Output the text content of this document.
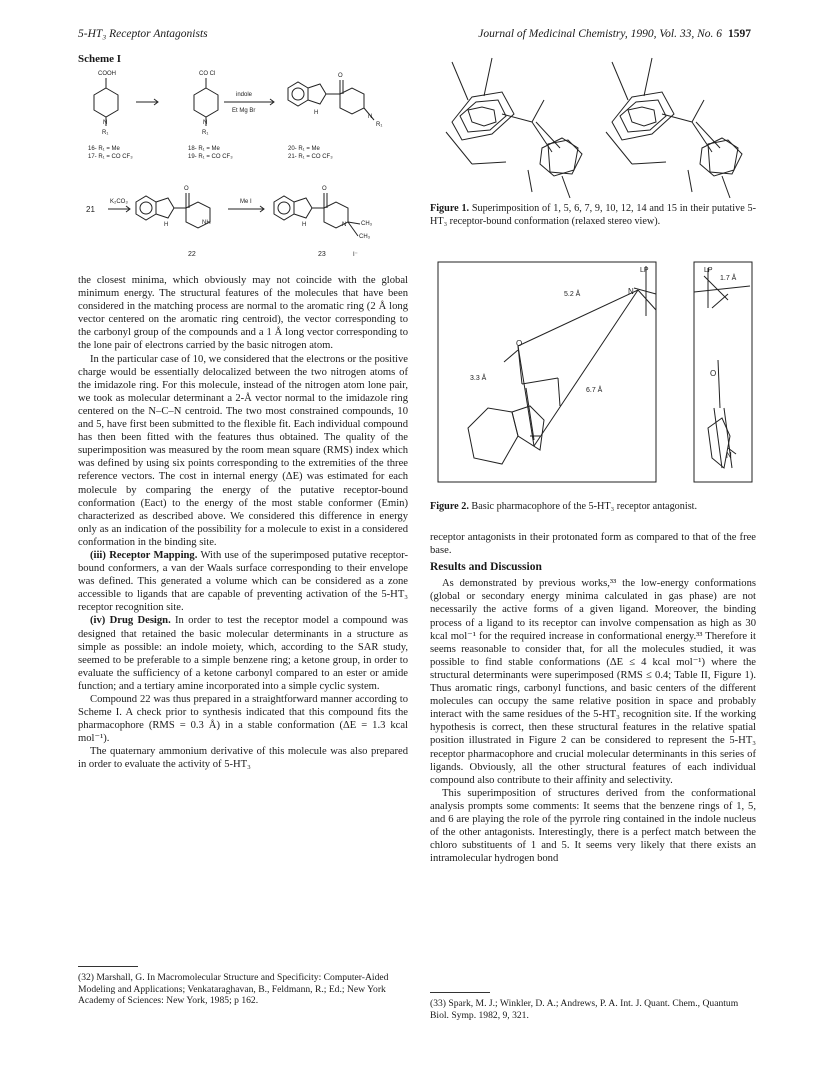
5-HT₃ Receptor Antagonists	Journal of Medicinal Chemistry, 1990, Vol. 33, No. 6 1597
Scheme I
COOH	CO Cl
indole
Et Mg Br
N
R₁
N
R₁
O
H
N
R₁
16- R₁ = Me
17- R₁ = CO CF₃
18- R₁ = Me
19- R₁ = CO CF₃
20- R₁ = Me
21- R₁ = CO CF₃
21
K₂CO₃
O
H	NH
Me I
O
H	N CH₃
CH₃
22	23	I⁻

the closest minima, which obviously may not coincide with the global minimum energy. The structural features of the molecules that have been considered in the matching process are normal to the aromatic ring (2 Å long vector centered on the aromatic ring centroid), the vector corresponding to the carbonyl group of the compounds and a 1 Å long vector corresponding to the lone pair of electrons carried by the basic nitrogen atom.

In the particular case of 10, we considered that the electrons or the positive charge would be essentially delocalized between the two nitrogen atoms of the imidazole ring. For this molecule, instead of the nitrogen atom lone pair, we took as molecular determinant a 2-Å vector normal to the imidazole ring centered on the N–C–N centroid. The two most constrained compounds, 10 and 5, have first been submitted to the flexible fit. Each individual compound has then been fitted with the features thus obtained. The quality of the superimposition was measured by the room mean square (RMS) index which was defined by using six points corresponding to the extremities of the three reference vectors. The cost in internal energy (ΔE) was estimated for each molecule by comparing the energy of the putative receptor-bound conformation (Eact) to the energy of the most stable conformer (Emin) characterized as described above. We considered this difference in energy only as an indication of the possibility for a molecule to exist in a considered conformation in the binding site.

(iii) Receptor Mapping. With use of the superimposed putative receptor-bound conformers, a van der Waals surface corresponding to their envelope was defined. This generated a volume which can be considered as a zone accessible to ligands that are capable of preventing activation of the 5-HT₃ receptor recognition site.

(iv) Drug Design. In order to test the receptor model a compound was designed that retained the basic molecular determinants in a structure as simple as possible: an indole moiety, which, according to the SAR study, seemed to be preferable to a simple benzene ring; a ketone group, in order to evaluate the sufficiency of a ketone carbonyl compared to an ester or amide function; and a tertiary amine incorporated into a simple cyclic system.

Compound 22 was thus prepared in a straightforward manner according to Scheme I. A check prior to synthesis indicated that this compound fits the pharmacophore (RMS = 0.3 Å) in a stable conformation (ΔE = 1.3 kcal mol⁻¹).

The quaternary ammonium derivative of this molecule was also prepared in order to evaluate the activity of 5-HT₃

Figure 1. Superimposition of 1, 5, 6, 7, 9, 10, 12, 14 and 15 in their putative 5-HT₃ receptor-bound conformation (relaxed stereo view).
LP
N
5.2 Å
O
3.3 Å
6.7 Å
LP
1.7 Å
O
N
Figure 2. Basic pharmacophore of the 5-HT₃ receptor antagonist.

receptor antagonists in their protonated form as compared to that of the free base.

Results and Discussion

As demonstrated by previous works,³³ the low-energy conformations (global or secondary energy minima calculated in gas phase) are not necessarily the active forms of a given ligand. Moreover, the binding process of a ligand to its receptor can involve compensation as high as 30 kcal mol⁻¹ for the required increase in conformational energy.³³ Therefore it seems reasonable to consider that, for all the molecules studied, it was possible to find stable conformations (ΔE ≤ 4 kcal mol⁻¹) where the structural determinants were superimposed (RMS ≤ 0.4; Table II, Figure 1). Thus aromatic rings, carbonyl functions, and basic centers of the different molecules can occupy the same relative position in space and probably interact with the same residues of the 5-HT₃ recognition site. If the working hypothesis is correct, then these structural features in the relative spatial position illustrated in Figure 2 can be considered to represent the 5-HT₃ receptor pharmacophore and crucial molecular determinants in this series of ligands. Obviously, all the other structural features of each individual compound also contribute to their affinity and selectivity.

This superimposition of structures derived from the conformational analysis prompts some comments: It seems that the benzene rings of 1, 5, and 6 are playing the role of the pyrrole ring contained in the indole nucleus of the other antagonists. Interestingly, there is a perfect match between the chloro substituents of 1 and 5. It seems very likely that there exists an intramolecular hydrogen bond

(32) Marshall, G. In Macromolecular Structure and Specificity: Computer-Aided Modeling and Applications; Venkataraghavan, B., Feldmann, R.; Ed.; New York Academy of Sciences: New York, 1985; p 162.	(33) Spark, M. J.; Winkler, D. A.; Andrews, P. A. Int. J. Quant. Chem., Quantum Biol. Symp. 1982, 9, 321.
